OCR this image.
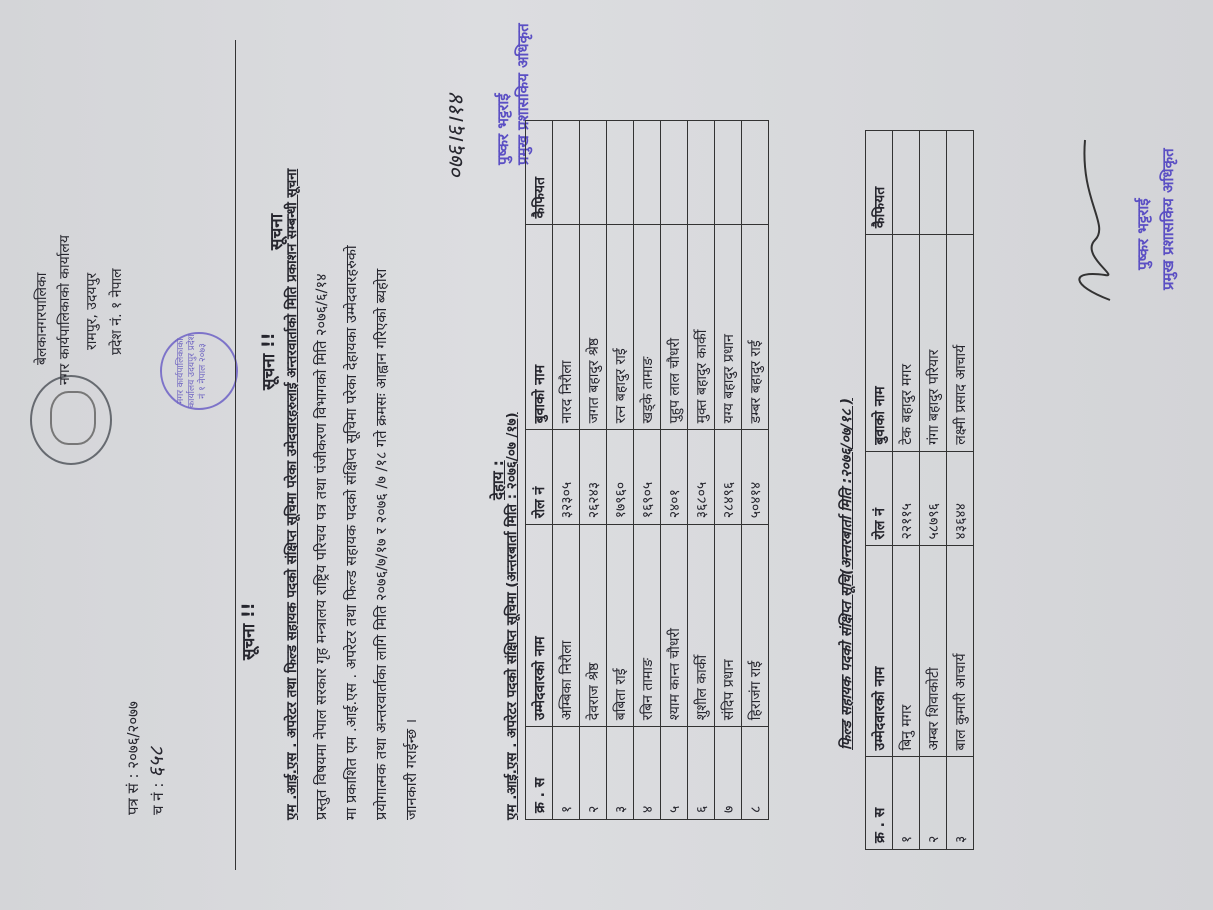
पत्र सं : २०७६/२०७७ च नं : ६५८
बेलकानगरपालिका नगर कार्यपालिकाको कार्यालय रामपुर, उदयपुर प्रदेश नं. १ नेपाल
नगर कार्यपालिकाको कार्यालय उदयपुर प्रदेश नं १ नेपाल २०७३
सूचना !!
सूचना !!
सूचना
एम .आई.एस . अपरेटर तथा फिल्ड सहायक पदको संक्षिप्त सूचिमा परेका उमेदवारहरुलाई अन्तरवार्ताको मिति प्रकाशन सम्बन्धी सूचना प्रस्तुत विषयमा नेपाल सरकार गृह मन्त्रालय राष्ट्रिय परिचय पत्र तथा पंजीकरण विभागको मिति २०७६/६/१४ मा प्रकाशित एम .आई.एस . अपरेटर तथा फिल्ड सहायक पदको संक्षिप्त सूचिमा परेका देहायका उम्मेदवारहरुको प्रयोगात्मक तथा अन्तरवार्ताका लागि मिति २०७६/७/१७ र २०७६ /७ /१८ गते क्रमसः आह्वान गरिएको ब्यहोरा जानकारी गराईन्छ ।
०७६।६।१४ पुष्कर भट्टराई प्रमुख प्रशासकिय अधिकृत
देहाय :
एम .आई.एस . अपरेटर पदको संक्षिप्त सूचिमा (अन्तरबार्ता मिति : २०७६/०७ /१७) क्र . स	उम्मेदवारको नाम	रोल नं	बुवाको नाम	कैफियत
१	अम्बिका निरौला	३२३०५	नारद निरौला	
२	देवराज श्रेष्ठ	२६२४३	जगत बहादुर श्रेष्ठ	
३	बबिता राई	१७९६०	रत्न बहादुर राई	
४	रबिन तामाङ	१६९०५	खड्के तामाङ	
५	श्याम कान्त चौधरी	२४०१	पुहुप लाल चौधरी	
६	शुशील कार्की	३६८०५	मुक्त बहादुर कार्की	
७	संदिप प्रधान	२८४९६	यग्य बहादुर प्रधान	
८	हिराजंग राई	५०४१४	डम्बर बहादुर राई	
फिल्ड सहायक पदको संक्षिप्त सूचि(अन्तरबार्ता मिति :२०७६/०७/१८ )
क्र . स	उम्मेदवारको नाम	रोल नं	बुवाको नाम	कैफियत
१	बिनु मगर	२२११५	टेक बहादुर मगर	
२	अम्बर शिवाकोटी	५८७९६	गंगा बहादुर परियार	
३	बाल कुमारी आचार्य	४३६४४	लक्ष्मी प्रसाद आचार्य	
पुष्कर भट्टराई प्रमुख प्रशासकिय अधिकृत
